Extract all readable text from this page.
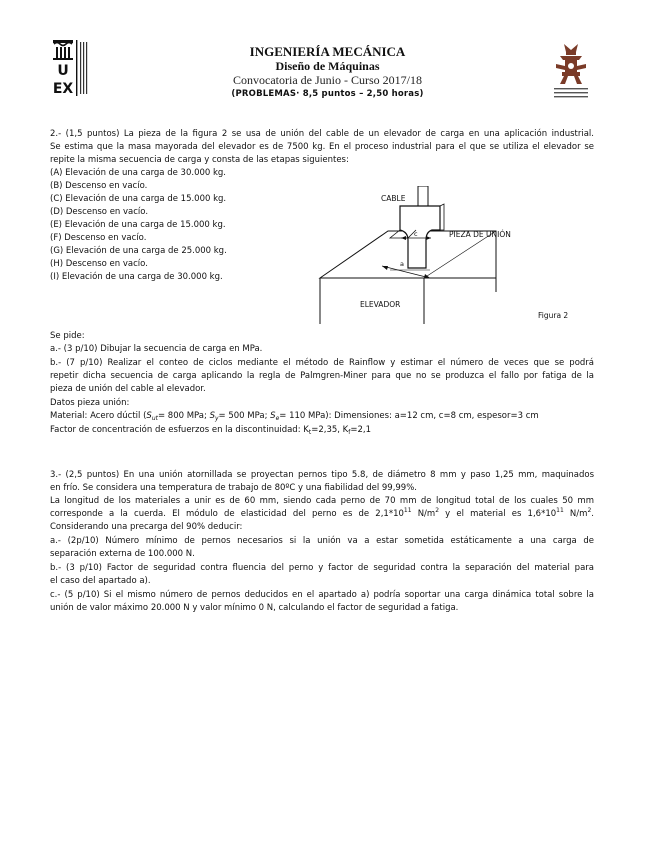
U
EX
INGENIERÍA MECÁNICA
Diseño de Máquinas
Convocatoria de Junio - Curso 2017/18
(PROBLEMAS· 8,5 puntos – 2,50 horas)
2.- (1,5 puntos) La pieza de la figura 2 se usa de unión del cable de un elevador de carga en una aplicación industrial.
Se estima que la masa mayorada del elevador es de 7500 kg. En el proceso industrial para el que se utiliza el elevador se
repite la misma secuencia de carga y consta de las etapas siguientes:
(A) Elevación de una carga de 30.000 kg.
(B) Descenso en vacío.
(C) Elevación de una carga de 15.000 kg.
(D) Descenso en vacío.
(E) Elevación de una carga de 15.000 kg.
(F) Descenso en vacío.
(G) Elevación de una carga de 25.000 kg.
(H) Descenso en vacío.
(I) Elevación de una carga de 30.000 kg.
CABLE
PIEZA DE UNIÓN
ELEVADOR
c
a
Figura 2
Se pide:
a.- (3 p/10) Dibujar la secuencia de carga en MPa.
b.- (7 p/10) Realizar el conteo de ciclos mediante el método de Rainflow y estimar el número de veces que se podrá
repetir dicha secuencia de carga aplicando la regla de Palmgren-Miner para que no se produzca el fallo por fatiga de la
pieza de unión del cable al elevador.
Datos pieza unión:
Material: Acero dúctil ($S_{ut}= 800$ MPa; $S_y= 500$ MPa; $S_e= 110$ MPa): Dimensiones: a=12 cm, c=8 cm, espesor=3 cm
Factor de concentración de esfuerzos en la discontinuidad: $K_t=2,35$, $K_f=2,1$
3.- (2,5 puntos) En una unión atornillada se proyectan pernos tipo 5.8, de diámetro 8 mm y paso 1,25 mm, maquinados
en frío. Se considera una temperatura de trabajo de 80ºC y una fiabilidad del 99,99%.
La longitud de los materiales a unir es de 60 mm, siendo cada perno de 70 mm de longitud total de los cuales 50 mm
corresponde a la cuerda. El módulo de elasticidad del perno es de $2,1*10^{11}$ $N/m^2$ y el material es $1,6*10^{11}$ $N/m^2$.
Considerando una precarga del 90% deducir:
a.- (2p/10) Número mínimo de pernos necesarios si la unión va a estar sometida estáticamente a una carga de
separación externa de 100.000 N.
b.- (3 p/10) Factor de seguridad contra fluencia del perno y factor de seguridad contra la separación del material para
el caso del apartado a).
c.- (5 p/10) Si el mismo número de pernos deducidos en el apartado a) podría soportar una carga dinámica total sobre la
unión de valor máximo 20.000 N y valor mínimo 0 N, calculando el factor de seguridad a fatiga.
